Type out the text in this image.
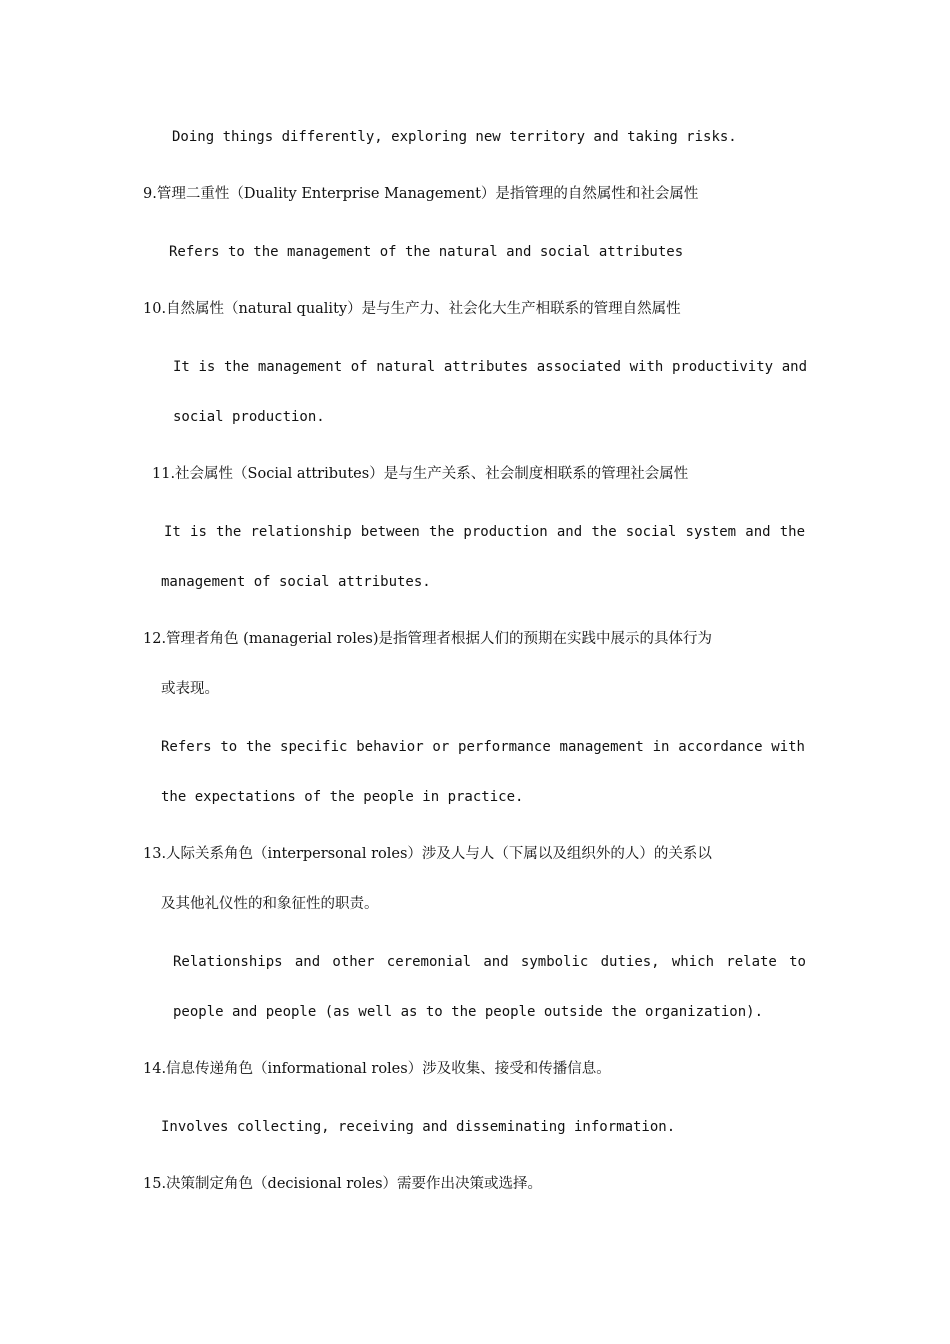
Doing things differently, exploring new territory and taking risks.
9.管理二重性（Duality Enterprise Management）是指管理的自然属性和社会属性
Refers to the management of the natural and social attributes
10.自然属性（natural quality）是与生产力、社会化大生产相联系的管理自然属性
It is the management of natural attributes associated with productivity and
social production.
11.社会属性（Social attributes）是与生产关系、社会制度相联系的管理社会属性
It is the relationship between the production and the social system and the
management of social attributes.
12.管理者角色 (managerial roles)是指管理者根据人们的预期在实践中展示的具体行为
或表现。
Refers to the specific behavior or performance management in accordance with
the expectations of the people in practice.
13.人际关系角色（interpersonal roles）涉及人与人（下属以及组织外的人）的关系以
及其他礼仪性的和象征性的职责。
Relationships and other ceremonial and symbolic duties, which relate to
people and people (as well as to the people outside the organization).
14.信息传递角色（informational roles）涉及收集、接受和传播信息。
Involves collecting, receiving and disseminating information.
15.决策制定角色（decisional roles）需要作出决策或选择。
